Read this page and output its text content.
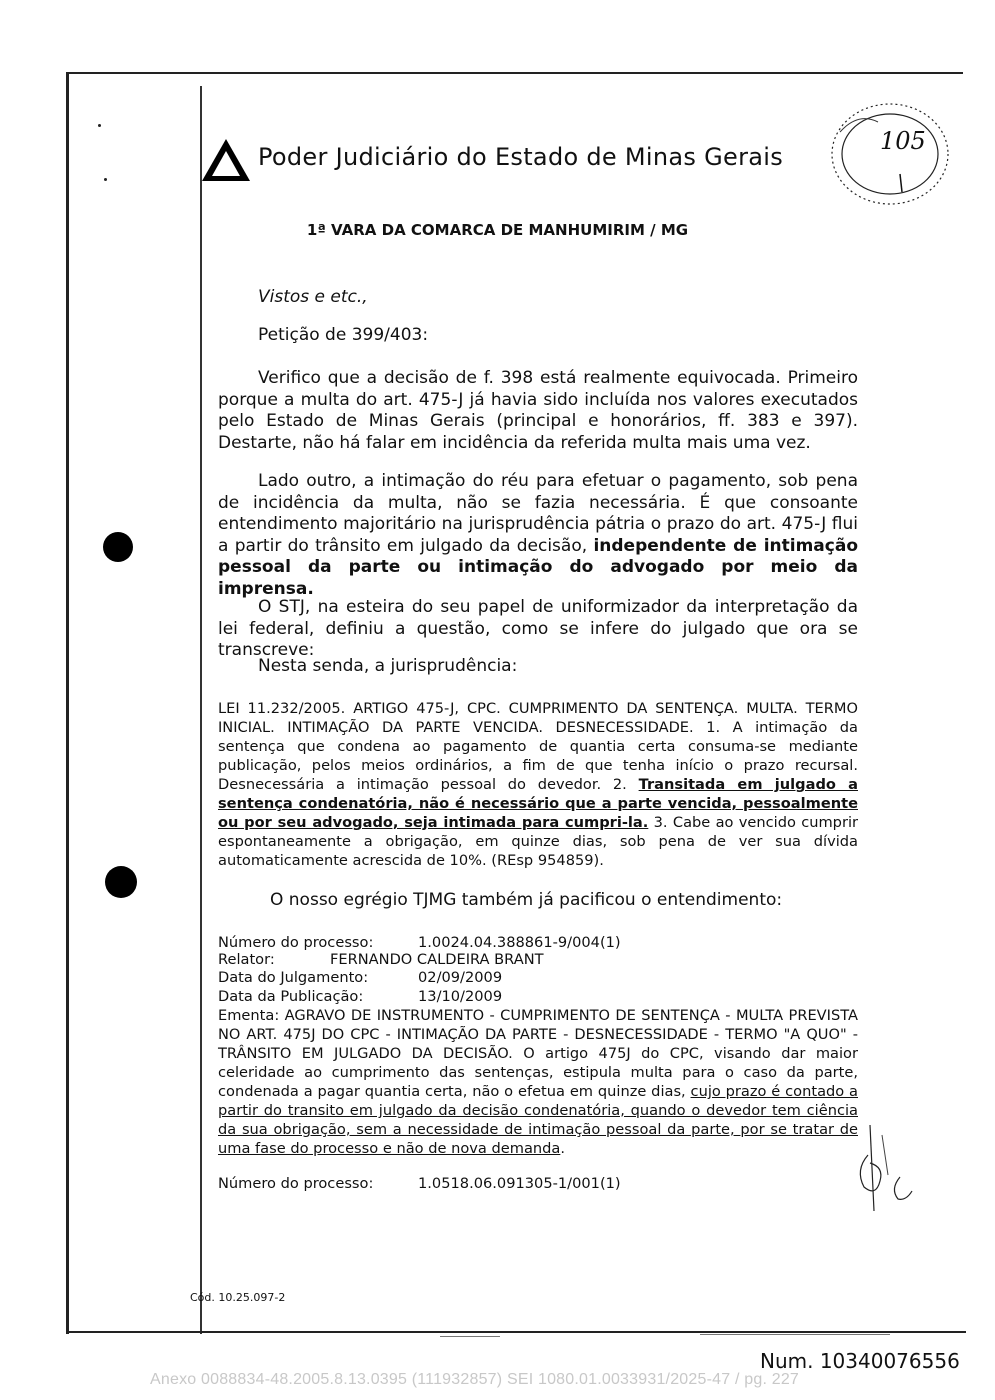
Poder Judiciário do Estado de Minas Gerais
105
1ª VARA DA COMARCA DE MANHUMIRIM / MG
Vistos e etc.,
Petição de 399/403:
Verifico que a decisão de f. 398 está realmente equivocada. Primeiro porque a multa do art. 475-J já havia sido incluída nos valores executados pelo Estado de Minas Gerais (principal e honorários, ff. 383 e 397). Destarte, não há falar em incidência da referida multa mais uma vez.
Lado outro, a intimação do réu para efetuar o pagamento, sob pena de incidência da multa, não se fazia necessária. É que consoante entendimento majoritário na jurisprudência pátria o prazo do art. 475-J flui a partir do trânsito em julgado da decisão, independente de intimação pessoal da parte ou intimação do advogado por meio da imprensa.
O STJ, na esteira do seu papel de uniformizador da interpretação da lei federal, definiu a questão, como se infere do julgado que ora se transcreve:
Nesta senda, a jurisprudência:
LEI 11.232/2005. ARTIGO 475-J, CPC. CUMPRIMENTO DA SENTENÇA. MULTA. TERMO INICIAL. INTIMAÇÃO DA PARTE VENCIDA. DESNECESSIDADE. 1. A intimação da sentença que condena ao pagamento de quantia certa consuma-se mediante publicação, pelos meios ordinários, a fim de que tenha início o prazo recursal. Desnecessária a intimação pessoal do devedor. 2. Transitada em julgado a sentença condenatória, não é necessário que a parte vencida, pessoalmente ou por seu advogado, seja intimada para cumpri-la. 3. Cabe ao vencido cumprir espontaneamente a obrigação, em quinze dias, sob pena de ver sua dívida automaticamente acrescida de 10%. (REsp 954859).
O nosso egrégio TJMG também já pacificou o entendimento:
Número do processo:	1.0024.04.388861-9/004(1)
Relator:	FERNANDO CALDEIRA BRANT
Data do Julgamento:	02/09/2009
Data da Publicação:	13/10/2009
Ementa: AGRAVO DE INSTRUMENTO - CUMPRIMENTO DE SENTENÇA - MULTA PREVISTA NO ART. 475J DO CPC - INTIMAÇÃO DA PARTE - DESNECESSIDADE - TERMO "A QUO" - TRÂNSITO EM JULGADO DA DECISÃO. O artigo 475J do CPC, visando dar maior celeridade ao cumprimento das sentenças, estipula multa para o caso da parte, condenada a pagar quantia certa, não o efetua em quinze dias, cujo prazo é contado a partir do transito em julgado da decisão condenatória, quando o devedor tem ciência da sua obrigação, sem a necessidade de intimação pessoal da parte, por se tratar de uma fase do processo e não de nova demanda.
Número do processo:	1.0518.06.091305-1/001(1)
Cód. 10.25.097-2
Num. 10340076556
Anexo 0088834-48.2005.8.13.0395 (111932857) SEI 1080.01.0033931/2025-47 / pg. 227
